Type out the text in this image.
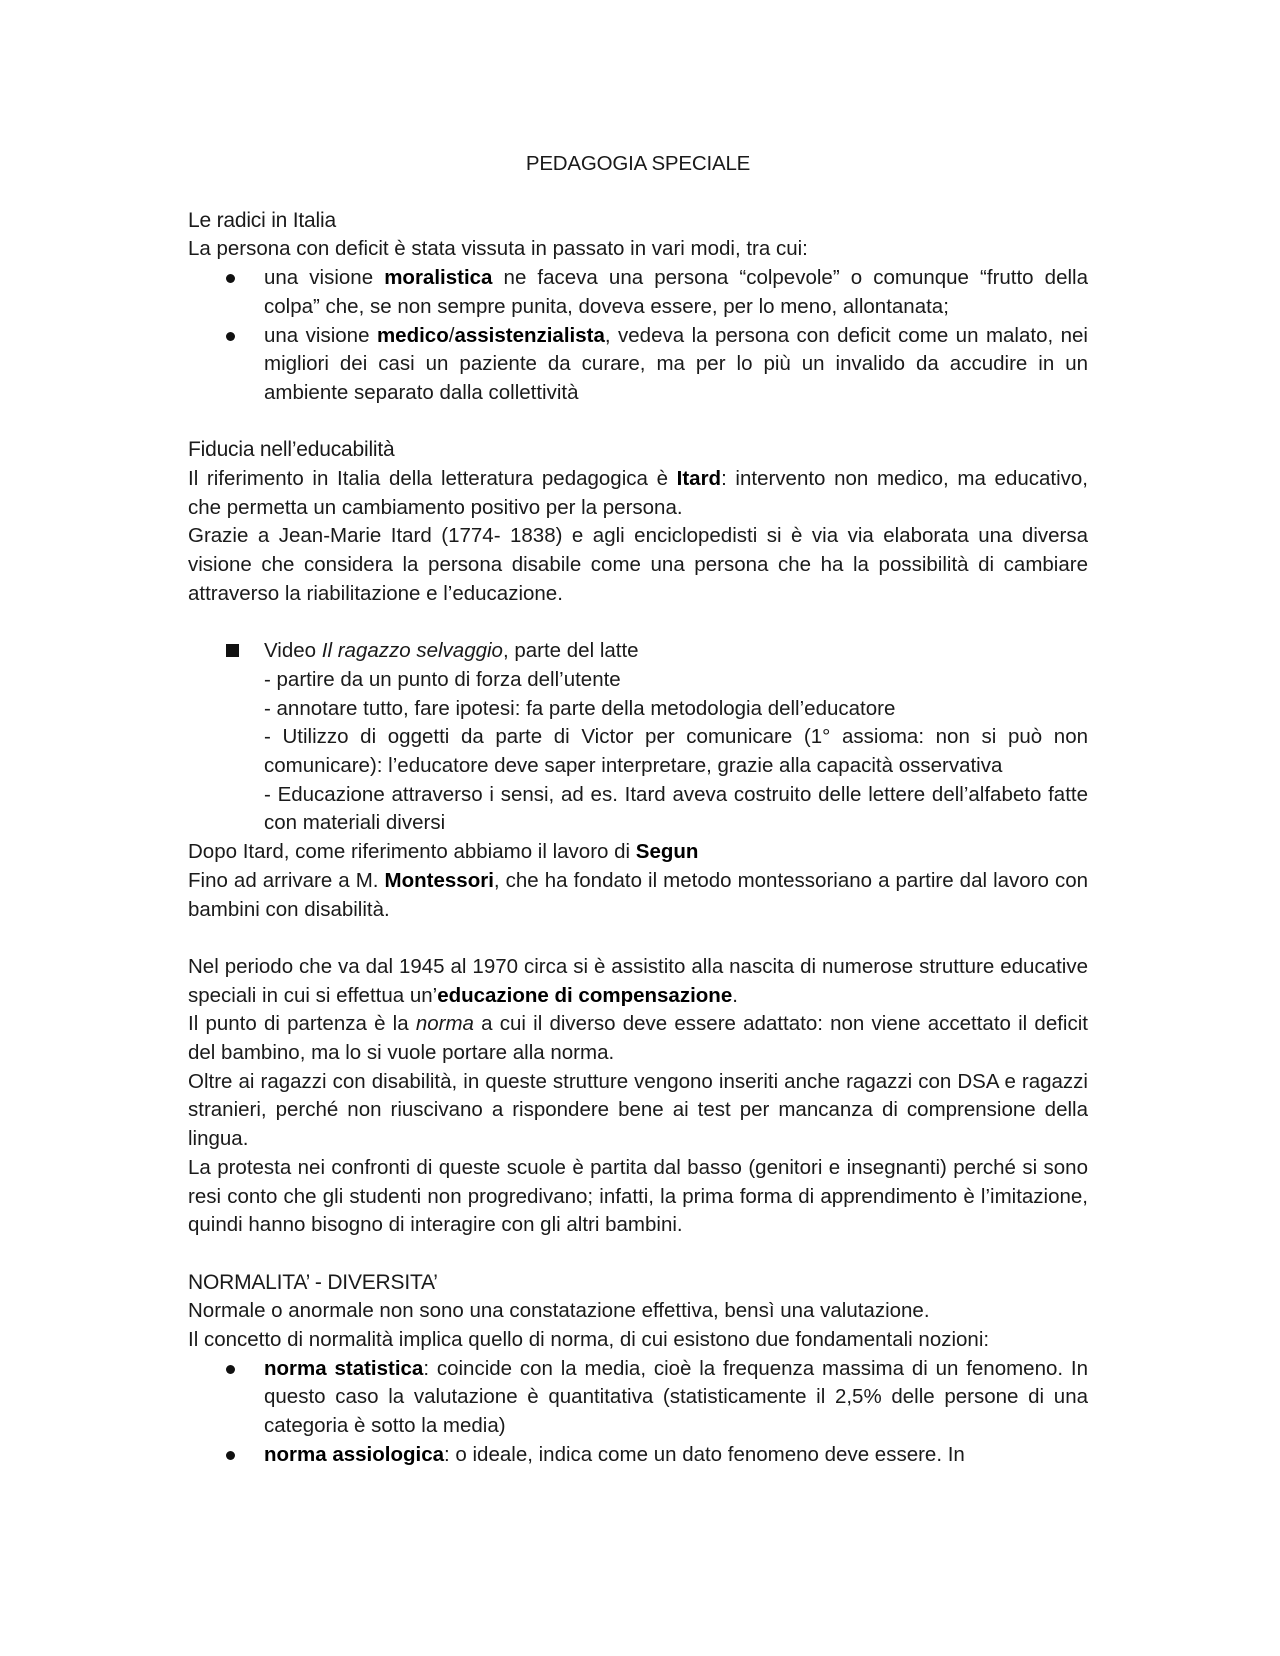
PEDAGOGIA SPECIALE
Le radici in Italia

La persona con deficit è stata vissuta in passato in vari modi, tra cui:

una visione moralistica ne faceva una persona “colpevole” o comunque “frutto della colpa” che, se non sempre punita, doveva essere, per lo meno, allontanata;
una visione medico/assistenzialista, vedeva la persona con deficit come un malato, nei migliori dei casi un paziente da curare, ma per lo più un invalido da accudire in un ambiente separato dalla collettività
Fiducia nell’educabilità

Il riferimento in Italia della letteratura pedagogica è Itard: intervento non medico, ma educativo, che permetta un cambiamento positivo per la persona.

Grazie a Jean-Marie Itard (1774- 1838) e agli enciclopedisti si è via via elaborata una diversa visione che considera la persona disabile come una persona che ha la possibilità di cambiare attraverso la riabilitazione e l’educazione.

Video Il ragazzo selvaggio, parte del latte

- partire da un punto di forza dell’utente

- annotare tutto, fare ipotesi: fa parte della metodologia dell’educatore

- Utilizzo di oggetti da parte di Victor per comunicare (1° assioma: non si può non comunicare): l’educatore deve saper interpretare, grazie alla capacità osservativa

- Educazione attraverso i sensi, ad es. Itard aveva costruito delle lettere dell’alfabeto fatte con materiali diversi

Dopo Itard, come riferimento abbiamo il lavoro di Segun

Fino ad arrivare a M. Montessori, che ha fondato il metodo montessoriano a partire dal lavoro con bambini con disabilità.

Nel periodo che va dal 1945 al 1970 circa si è assistito alla nascita di numerose strutture educative speciali in cui si effettua un’educazione di compensazione.

Il punto di partenza è la norma a cui il diverso deve essere adattato: non viene accettato il deficit del bambino, ma lo si vuole portare alla norma.

Oltre ai ragazzi con disabilità, in queste strutture vengono inseriti anche ragazzi con DSA e ragazzi stranieri, perché non riuscivano a rispondere bene ai test per mancanza di comprensione della lingua.

La protesta nei confronti di queste scuole è partita dal basso (genitori e insegnanti) perché si sono resi conto che gli studenti non progredivano; infatti, la prima forma di apprendimento è l’imitazione, quindi hanno bisogno di interagire con gli altri bambini.

NORMALITA’ - DIVERSITA’

Normale o anormale non sono una constatazione effettiva, bensì una valutazione.

Il concetto di normalità implica quello di norma, di cui esistono due fondamentali nozioni:

norma statistica: coincide con la media, cioè la frequenza massima di un fenomeno. In questo caso la valutazione è quantitativa (statisticamente il 2,5% delle persone di una categoria è sotto la media)
norma assiologica: o ideale, indica come un dato fenomeno deve essere. In
